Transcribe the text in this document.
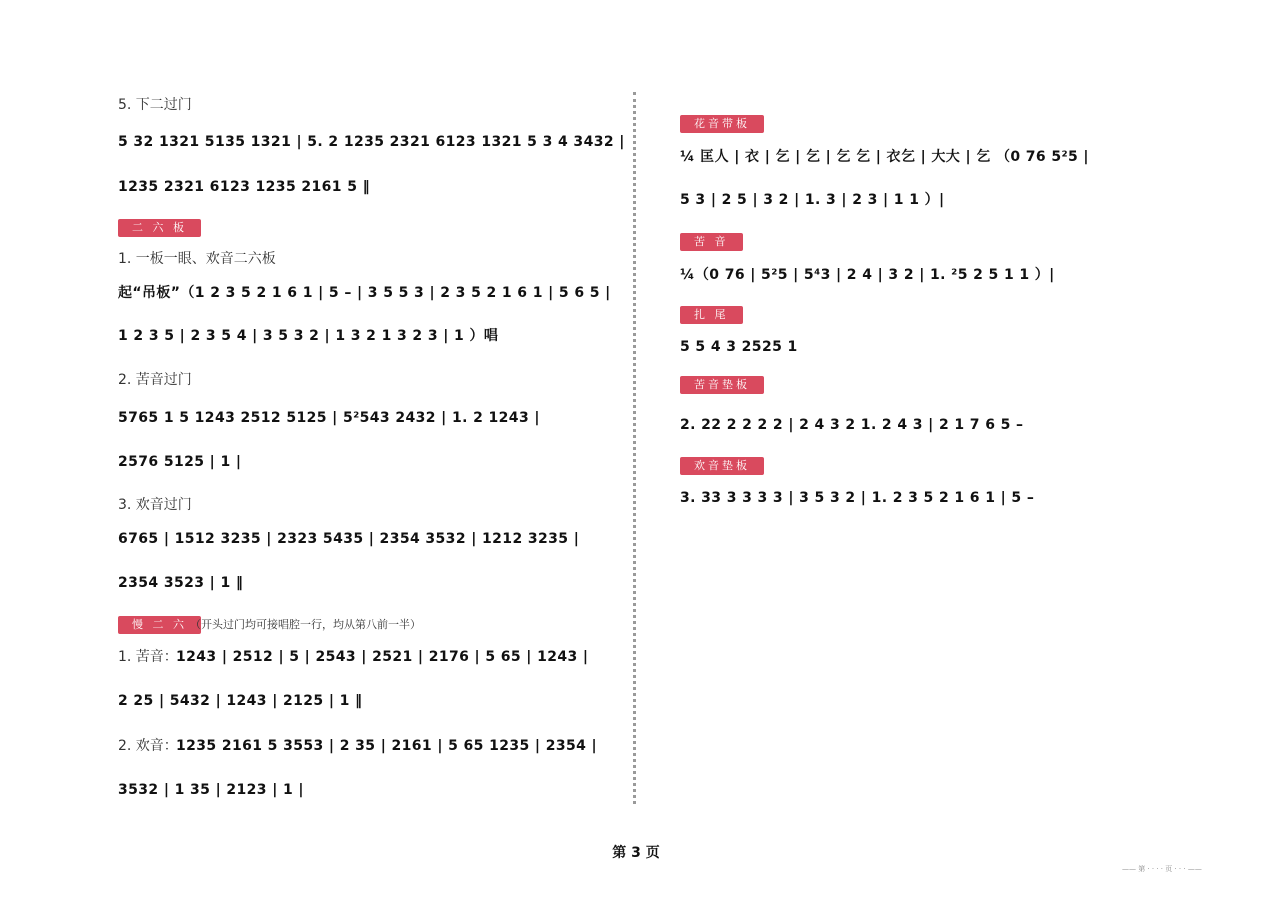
5. 下二过门
5 32 1321 5135 1321 | 5. 2 1235 2321 6123 1321 5 3 4 3432 |
1235 2321 6123 1235 2161 5 ‖
二 六 板
1. 一板一眼、欢音二六板
起“吊板”（1 2 3 5 2 1 6 1 | 5 – | 3 5 5 3 | 2 3 5 2 1 6 1 | 5 6 5 |
1 2 3 5 | 2 3 5 4 | 3 5 3 2 | 1 3 2 1 3 2 3 | 1 ）唱
2. 苦音过门
5765 1 5 1243 2512 5125 | 5²543 2432 | 1. 2 1243 |
2576 5125 | 1 |
3. 欢音过门
6765 | 1512 3235 | 2323 5435 | 2354 3532 | 1212 3235 |
2354 3523 | 1 ‖
慢 二 六 （开头过门均可接唱腔一行，均从第八前一半）
1. 苦音：
1243 | 2512 | 5 | 2543 | 2521 | 2176 | 5 65 | 1243 |
2 25 | 5432 | 1243 | 2125 | 1 ‖
2. 欢音：
1235 2161 5 3553 | 2 35 | 2161 | 5 65 1235 | 2354 |
3532 | 1 35 | 2123 | 1 |
花音带板
¼ 匡人 | 衣 | 乞 | 乞 | 乞 乞 | 衣乞 | 大大 | 乞 （0 76 5²5 |
5 3 | 2 5 | 3 2 | 1. 3 | 2 3 | 1 1 ）|
苦 音
¼（0 76 | 5²5 | 5⁴3 | 2 4 | 3 2 | 1. ²5 2 5 1 1 ）|
扎 尾
5 5 4 3 2525 1
苦音垫板
2. 22 2 2 2 2 | 2 4 3 2 1. 2 4 3 | 2 1 7 6 5 –
欢音垫板
3. 33 3 3 3 3 | 3 5 3 2 | 1. 2 3 5 2 1 6 1 | 5 –
第 3 页
—— 第 · · · · 页 · · · ——
